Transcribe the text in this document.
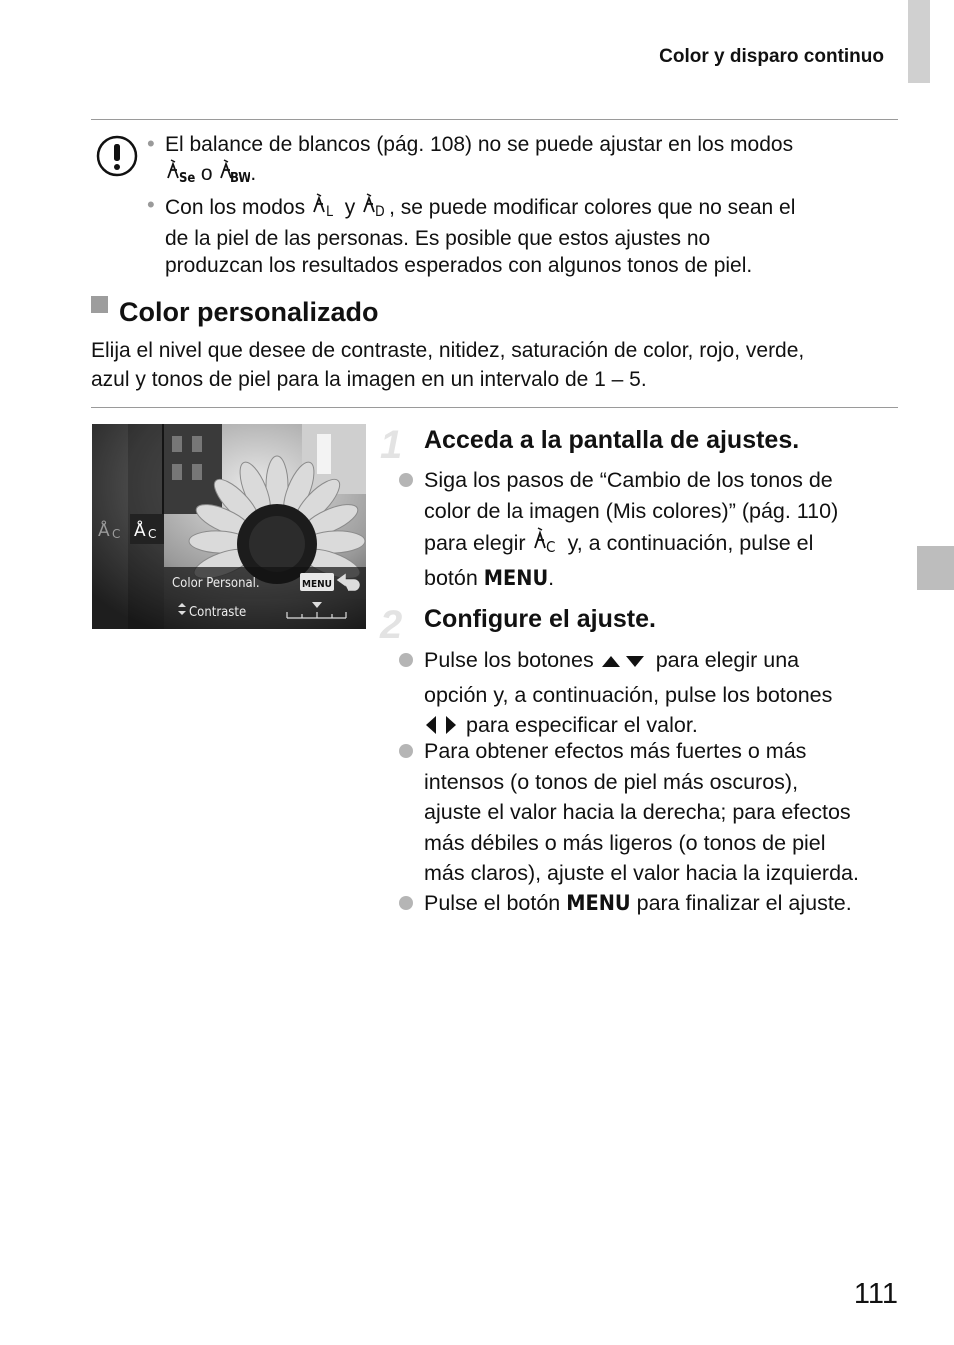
Color y disparo continuo
• El balance de blancos (pág. 108) no se puede ajustar en los modos
Se o BW
.
• Con los modos L y D , se puede modificar colores que no sean el
de la piel de las personas. Es posible que estos ajustes no
produzcan los resultados esperados con algunos tonos de piel.
Color personalizado
Elija el nivel que desee de contraste, nitidez, saturación de color, rojo, verde,
azul y tonos de piel para la imagen en un intervalo de 1 – 5.
Å C Å C
Color Personal.	MENU
Contraste
1 Acceda a la pantalla de ajustes.
Siga los pasos de “Cambio de los tonos de
color de la imagen (Mis colores)” (pág. 110)
para elegir C y, a continuación, pulse el
botón MENU.
2 Configure el ajuste.
Pulse los botones	para elegir una
opción y, a continuación, pulse los botones
para especificar el valor.
Para obtener efectos más fuertes o más
intensos (o tonos de piel más oscuros),
ajuste el valor hacia la derecha; para efectos
más débiles o más ligeros (o tonos de piel
más claros), ajuste el valor hacia la izquierda.
Pulse el botón MENU para finalizar el ajuste.
111
